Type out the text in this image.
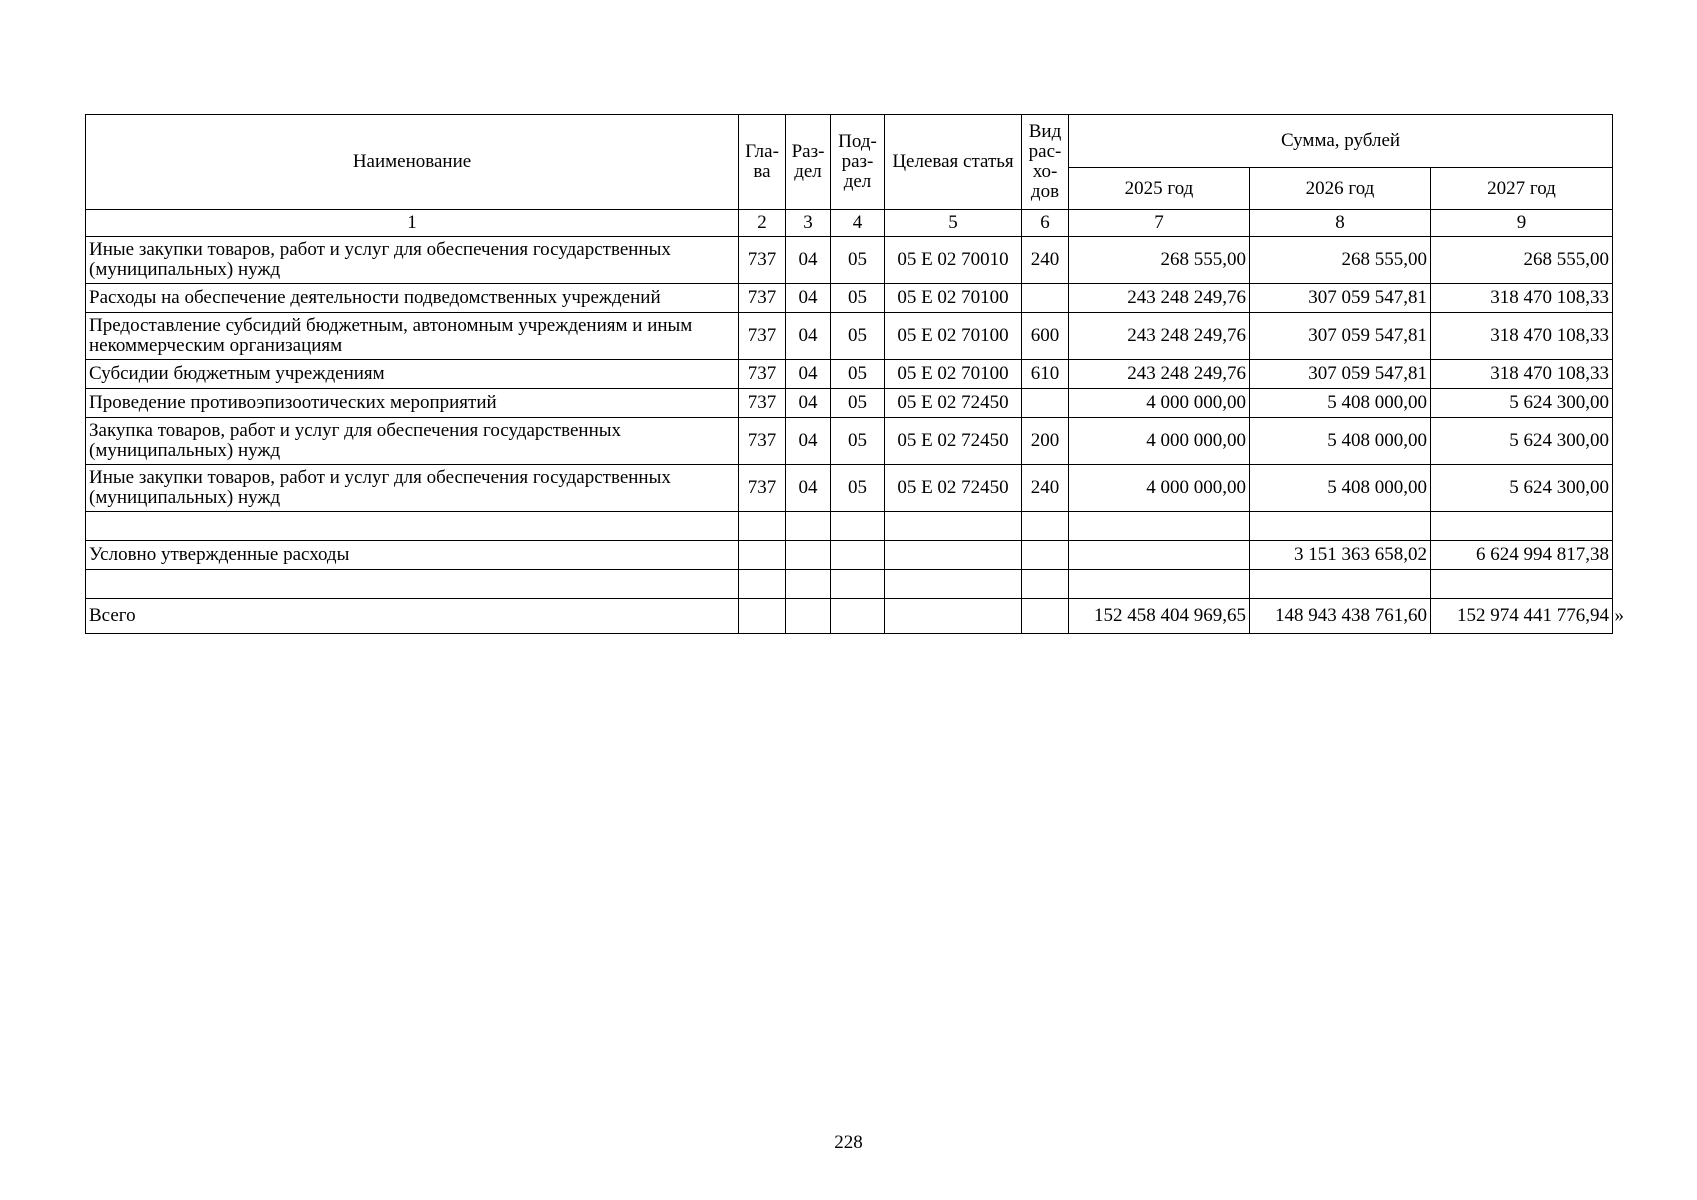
Наименование	Гла- ва	Раз- дел	Под- раз- дел	Целевая статья	Вид рас- хо- дов	Сумма, рублей		
						2025 год	2026 год	2027 год
1	2	3	4	5	6	7	8	9
Иные закупки товаров, работ и услуг для обеспечения государственных (муниципальных) нужд	737	04	05	05 Е 02 70010	240	268 555,00	268 555,00	268 555,00
Расходы на обеспечение деятельности подведомственных учреждений	737	04	05	05 Е 02 70100		243 248 249,76	307 059 547,81	318 470 108,33
Предоставление субсидий бюджетным, автономным учреждениям и иным некоммерческим организациям	737	04	05	05 Е 02 70100	600	243 248 249,76	307 059 547,81	318 470 108,33
Субсидии бюджетным учреждениям	737	04	05	05 Е 02 70100	610	243 248 249,76	307 059 547,81	318 470 108,33
Проведение противоэпизоотических мероприятий	737	04	05	05 Е 02 72450		4 000 000,00	5 408 000,00	5 624 300,00
Закупка товаров, работ и услуг для обеспечения государственных (муниципальных) нужд	737	04	05	05 Е 02 72450	200	4 000 000,00	5 408 000,00	5 624 300,00
Иные закупки товаров, работ и услуг для обеспечения государственных (муниципальных) нужд	737	04	05	05 Е 02 72450	240	4 000 000,00	5 408 000,00	5 624 300,00

Условно утвержденные расходы							3 151 363 658,02	6 624 994 817,38

Всего						152 458 404 969,65	148 943 438 761,60	152 974 441 776,94 »
228
